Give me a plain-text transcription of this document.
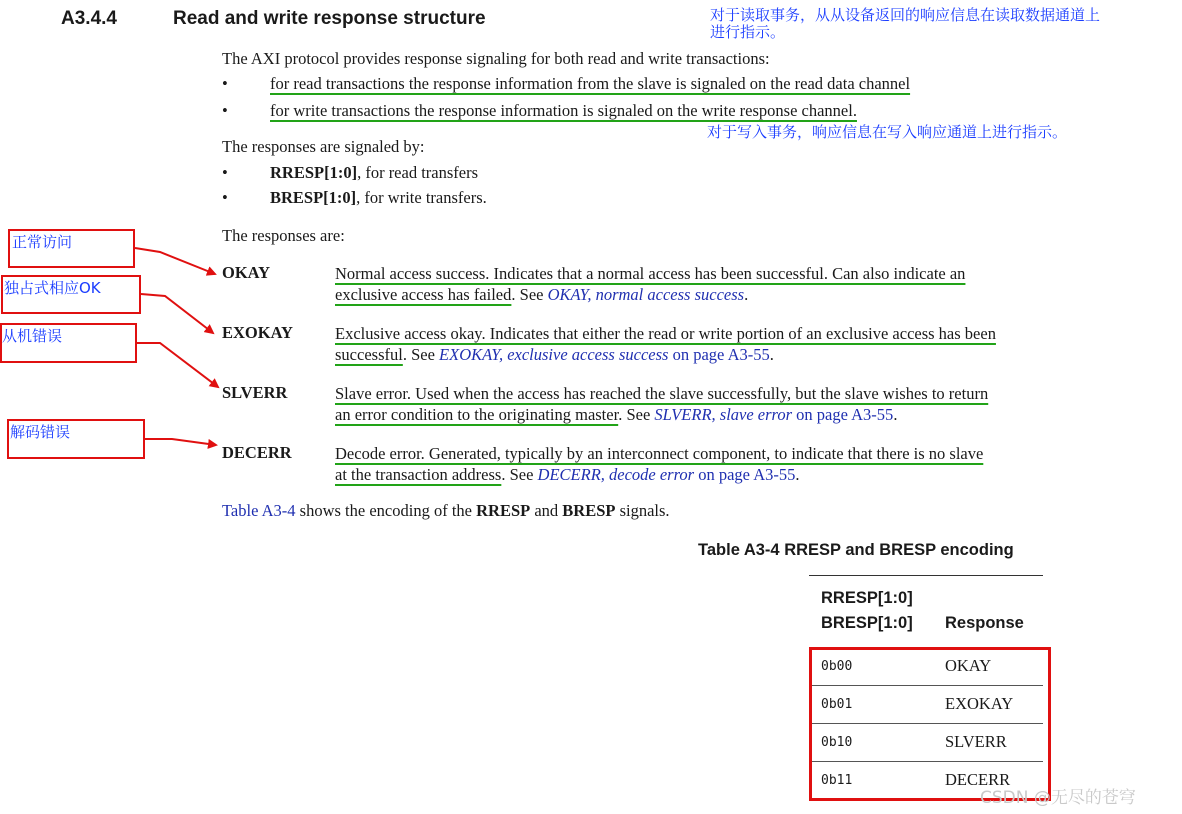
A3.4.4	Read and write response structure
The AXI protocol provides response signaling for both read and write transactions:
•	for read transactions the response information from the slave is signaled on the read data channel
•	for write transactions the response information is signaled on the write response channel.
The responses are signaled by:
•	RRESP[1:0], for read transfers
•	BRESP[1:0], for write transfers.
The responses are:
OKAY	Normal access success. Indicates that a normal access has been successful. Can also indicate an
exclusive access has failed. See OKAY, normal access success.
EXOKAY	Exclusive access okay. Indicates that either the read or write portion of an exclusive access has been
successful. See EXOKAY, exclusive access success on page A3-55.
SLVERR	Slave error. Used when the access has reached the slave successfully, but the slave wishes to return
an error condition to the originating master. See SLVERR, slave error on page A3-55.
DECERR	Decode error. Generated, typically by an interconnect component, to indicate that there is no slave
at the transaction address. See DECERR, decode error on page A3-55.
Table A3-4 shows the encoding of the RRESP and BRESP signals.
Table A3-4 RRESP and BRESP encoding
RRESP[1:0]
BRESP[1:0] Response
0b00	OKAY
0b01	EXOKAY
0b10	SLVERR
0b11	DECERR
对于读取事务，从从设备返回的响应信息在读取数据通道上
进行指示。
对于写入事务，响应信息在写入响应通道上进行指示。
正常访问
独占式相应OK
从机错误
解码错误
CSDN @无尽的苍穹
